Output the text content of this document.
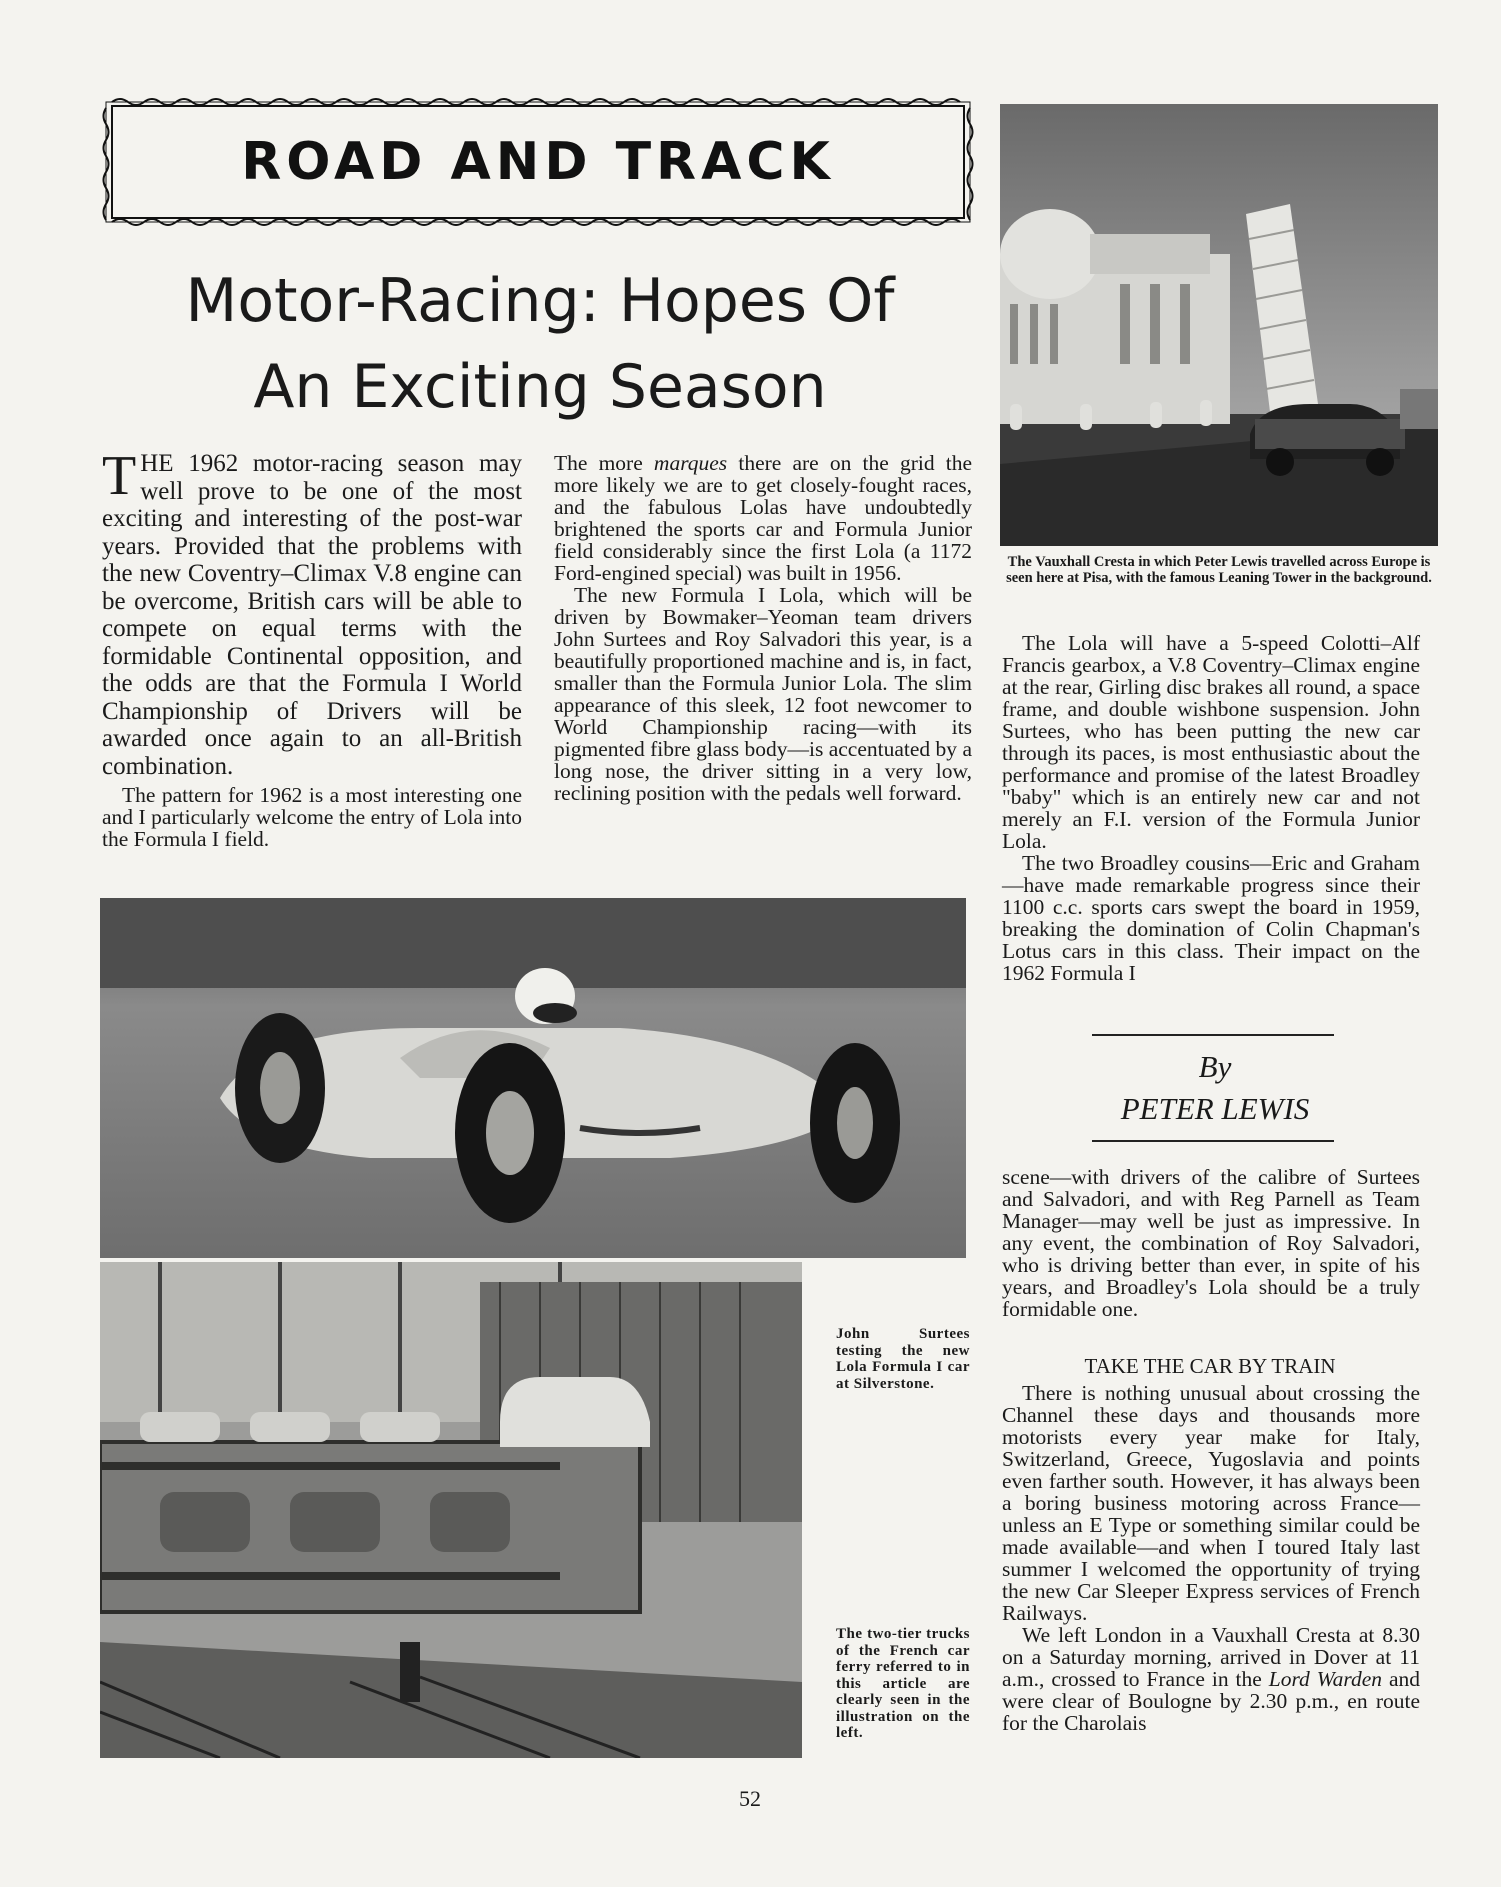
ROAD AND TRACK
Motor-Racing: Hopes Of
An Exciting Season
THE 1962 motor-racing season may well prove to be one of the most exciting and interesting of the post-war years. Provided that the problems with the new Coventry–Climax V.8 engine can be overcome, British cars will be able to compete on equal terms with the formidable Continental opposition, and the odds are that the Formula I World Championship of Drivers will be awarded once again to an all-British combination.

The pattern for 1962 is a most interesting one and I particularly welcome the entry of Lola into the Formula I field.

The more marques there are on the grid the more likely we are to get closely-fought races, and the fabulous Lolas have undoubtedly brightened the sports car and Formula Junior field considerably since the first Lola (a 1172 Ford-engined special) was built in 1956.

The new Formula I Lola, which will be driven by Bowmaker–Yeoman team drivers John Surtees and Roy Salvadori this year, is a beautifully proportioned machine and is, in fact, smaller than the Formula Junior Lola. The slim appearance of this sleek, 12 foot newcomer to World Championship racing—with its pigmented fibre glass body—is accentuated by a long nose, the driver sitting in a very low, reclining position with the pedals well forward.

The Vauxhall Cresta in which Peter Lewis travelled across Europe is seen here at Pisa, with the famous Leaning Tower in the background.

The Lola will have a 5-speed Colotti–Alf Francis gearbox, a V.8 Coventry–Climax engine at the rear, Girling disc brakes all round, a space frame, and double wishbone suspension. John Surtees, who has been putting the new car through its paces, is most enthusiastic about the performance and promise of the latest Broadley "baby" which is an entirely new car and not merely an F.I. version of the Formula Junior Lola.

The two Broadley cousins—Eric and Graham—have made remarkable progress since their 1100 c.c. sports cars swept the board in 1959, breaking the domination of Colin Chapman's Lotus cars in this class. Their impact on the 1962 Formula I

By
PETER LEWIS

scene—with drivers of the calibre of Surtees and Salvadori, and with Reg Parnell as Team Manager—may well be just as impressive. In any event, the combination of Roy Salvadori, who is driving better than ever, in spite of his years, and Broadley's Lola should be a truly formidable one.

TAKE THE CAR BY TRAIN

There is nothing unusual about crossing the Channel these days and thousands more motorists every year make for Italy, Switzerland, Greece, Yugoslavia and points even farther south. However, it has always been a boring business motoring across France—unless an E Type or something similar could be made available—and when I toured Italy last summer I welcomed the opportunity of trying the new Car Sleeper Express services of French Railways.

We left London in a Vauxhall Cresta at 8.30 on a Saturday morning, arrived in Dover at 11 a.m., crossed to France in the Lord Warden and were clear of Boulogne by 2.30 p.m., en route for the Charolais

John Surtees testing the new Lola Formula I car at Silverstone.
The two-tier trucks of the French car ferry referred to in this article are clearly seen in the illustration on the left.
52
